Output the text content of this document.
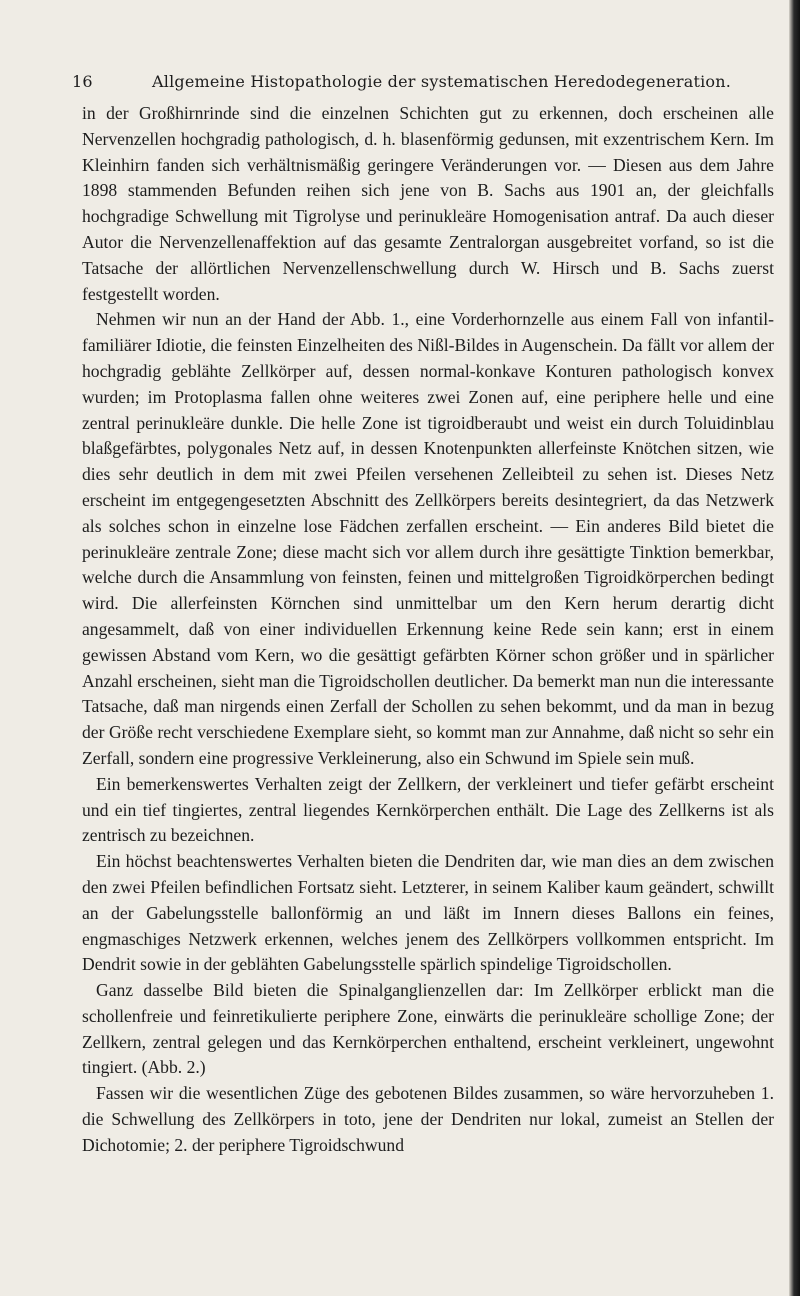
16	Allgemeine Histopathologie der systematischen Heredodegeneration.

in der Großhirnrinde sind die einzelnen Schichten gut zu erkennen, doch erscheinen alle Nervenzellen hochgradig pathologisch, d. h. blasenförmig gedunsen, mit exzentrischem Kern. Im Kleinhirn fanden sich verhältnismäßig geringere Veränderungen vor. — Diesen aus dem Jahre 1898 stammenden Befunden reihen sich jene von B. Sachs aus 1901 an, der gleichfalls hochgradige Schwellung mit Tigrolyse und perinukleäre Homogenisation antraf. Da auch dieser Autor die Nervenzellenaffektion auf das gesamte Zentralorgan ausgebreitet vorfand, so ist die Tatsache der allörtlichen Nervenzellenschwellung durch W. Hirsch und B. Sachs zuerst festgestellt worden.

Nehmen wir nun an der Hand der Abb. 1., eine Vorderhornzelle aus einem Fall von infantil-familiärer Idiotie, die feinsten Einzelheiten des Nißl-Bildes in Augenschein. Da fällt vor allem der hochgradig geblähte Zellkörper auf, dessen normal-konkave Konturen pathologisch konvex wurden; im Protoplasma fallen ohne weiteres zwei Zonen auf, eine periphere helle und eine zentral perinukleäre dunkle. Die helle Zone ist tigroidberaubt und weist ein durch Toluidinblau blaßgefärbtes, polygonales Netz auf, in dessen Knotenpunkten allerfeinste Knötchen sitzen, wie dies sehr deutlich in dem mit zwei Pfeilen versehenen Zelleibteil zu sehen ist. Dieses Netz erscheint im entgegengesetzten Abschnitt des Zellkörpers bereits desintegriert, da das Netzwerk als solches schon in einzelne lose Fädchen zerfallen erscheint. — Ein anderes Bild bietet die perinukleäre zentrale Zone; diese macht sich vor allem durch ihre gesättigte Tinktion bemerkbar, welche durch die Ansammlung von feinsten, feinen und mittelgroßen Tigroidkörperchen bedingt wird. Die allerfeinsten Körnchen sind unmittelbar um den Kern herum derartig dicht angesammelt, daß von einer individuellen Erkennung keine Rede sein kann; erst in einem gewissen Abstand vom Kern, wo die gesättigt gefärbten Körner schon größer und in spärlicher Anzahl erscheinen, sieht man die Tigroidschollen deutlicher. Da bemerkt man nun die interessante Tatsache, daß man nirgends einen Zerfall der Schollen zu sehen bekommt, und da man in bezug der Größe recht verschiedene Exemplare sieht, so kommt man zur Annahme, daß nicht so sehr ein Zerfall, sondern eine progressive Verkleinerung, also ein Schwund im Spiele sein muß.

Ein bemerkenswertes Verhalten zeigt der Zellkern, der verkleinert und tiefer gefärbt erscheint und ein tief tingiertes, zentral liegendes Kernkörperchen enthält. Die Lage des Zellkerns ist als zentrisch zu bezeichnen.

Ein höchst beachtenswertes Verhalten bieten die Dendriten dar, wie man dies an dem zwischen den zwei Pfeilen befindlichen Fortsatz sieht. Letzterer, in seinem Kaliber kaum geändert, schwillt an der Gabelungsstelle ballonförmig an und läßt im Innern dieses Ballons ein feines, engmaschiges Netzwerk erkennen, welches jenem des Zellkörpers vollkommen entspricht. Im Dendrit sowie in der geblähten Gabelungsstelle spärlich spindelige Tigroidschollen.

Ganz dasselbe Bild bieten die Spinalganglienzellen dar: Im Zellkörper erblickt man die schollenfreie und feinretikulierte periphere Zone, einwärts die perinukleäre schollige Zone; der Zellkern, zentral gelegen und das Kernkörperchen enthaltend, erscheint verkleinert, ungewohnt tingiert. (Abb. 2.)

Fassen wir die wesentlichen Züge des gebotenen Bildes zusammen, so wäre hervorzuheben 1. die Schwellung des Zellkörpers in toto, jene der Dendriten nur lokal, zumeist an Stellen der Dichotomie; 2. der periphere Tigroidschwund
